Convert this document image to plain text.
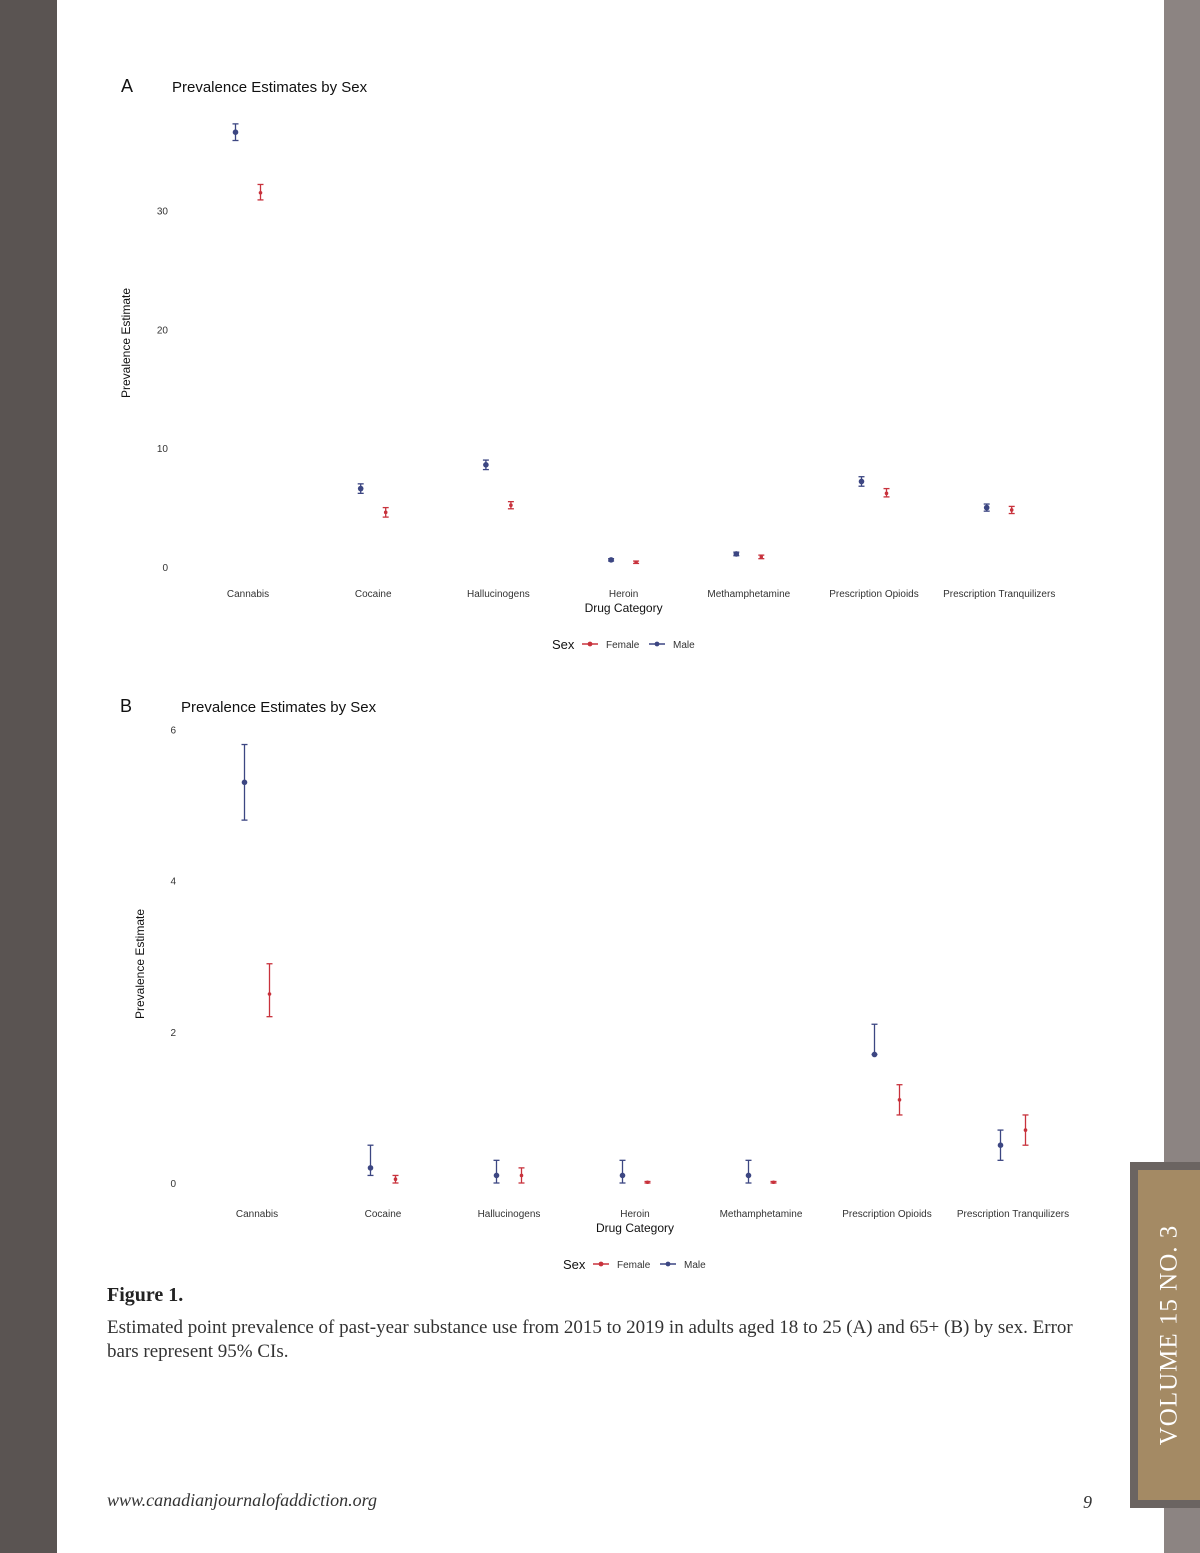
VOLUME 15 NO. 3
A	Prevalence Estimates by Sex
0
10
20
30
Prevalence Estimate
Cannabis	Cocaine	Hallucinogens	Heroin	Methamphetamine	Prescription Opioids Prescription Tranquilizers
Drug Category
Sex	Female	Male
B	Prevalence Estimates by Sex
0
2
4
6
Prevalence Estimate
Cannabis	Cocaine	Hallucinogens	Heroin	Methamphetamine	Prescription Opioids	Prescription Tranquilizers
Drug Category
Sex	Female	Male
Figure 1.
Estimated point prevalence of past-year substance use from 2015 to 2019 in adults aged 18 to 25 (A) and 65+ (B) by sex. Error bars represent 95% CIs.
www.canadianjournalofaddiction.org	9
